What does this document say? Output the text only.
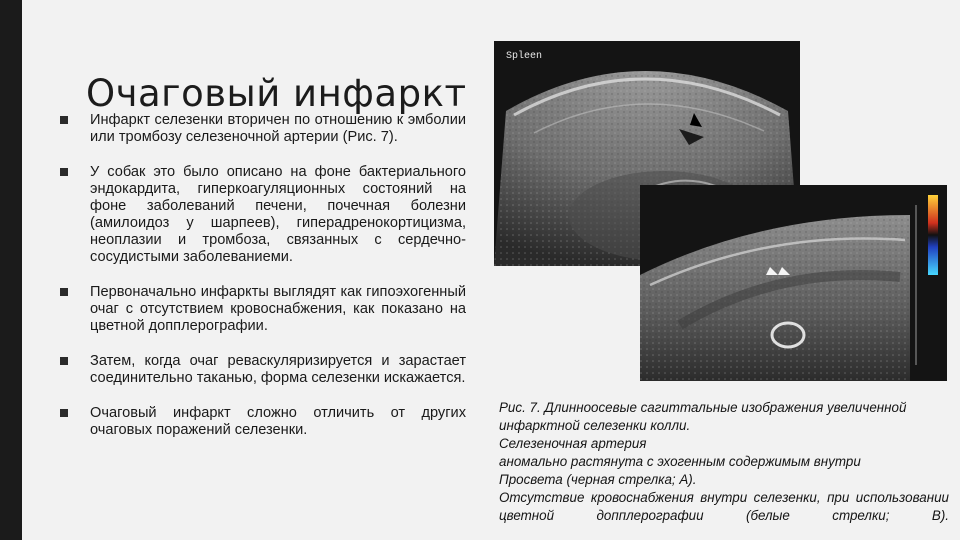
Очаговый инфаркт
Инфаркт селезенки вторичен по отношению к эмболии или тромбозу селезеночной артерии (Рис. 7).
У собак это было описано на фоне бактериального эндокардита, гиперкоагуляционных состояний на фоне заболеваний печени, почечная болезни (амилоидоз у шарпеев), гиперадренокортицизма, неоплазии и тромбоза, связанных с сердечно-сосудистыми заболеваниеми.
Первоначально инфаркты выглядят как гипоэхогенный очаг с отсутствием кровоснабжения, как показано на цветной допплерографии.
Затем, когда очаг реваскуляризируется и зарастает соединительно таканью, форма селезенки искажается.
Очаговый инфаркт сложно отличить от других очаговых поражений селезенки.
Spleen

Рис. 7. Длинноосевые сагиттальные изображения увеличенной инфарктной селезенки колли.

Селезеночная артерия

аномально растянута с эхогенным содержимым внутри

Просвета (черная стрелка; A).

Отсутствие кровоснабжения внутри селезенки, при использовании цветной допплерографии (белые стрелки; B).
